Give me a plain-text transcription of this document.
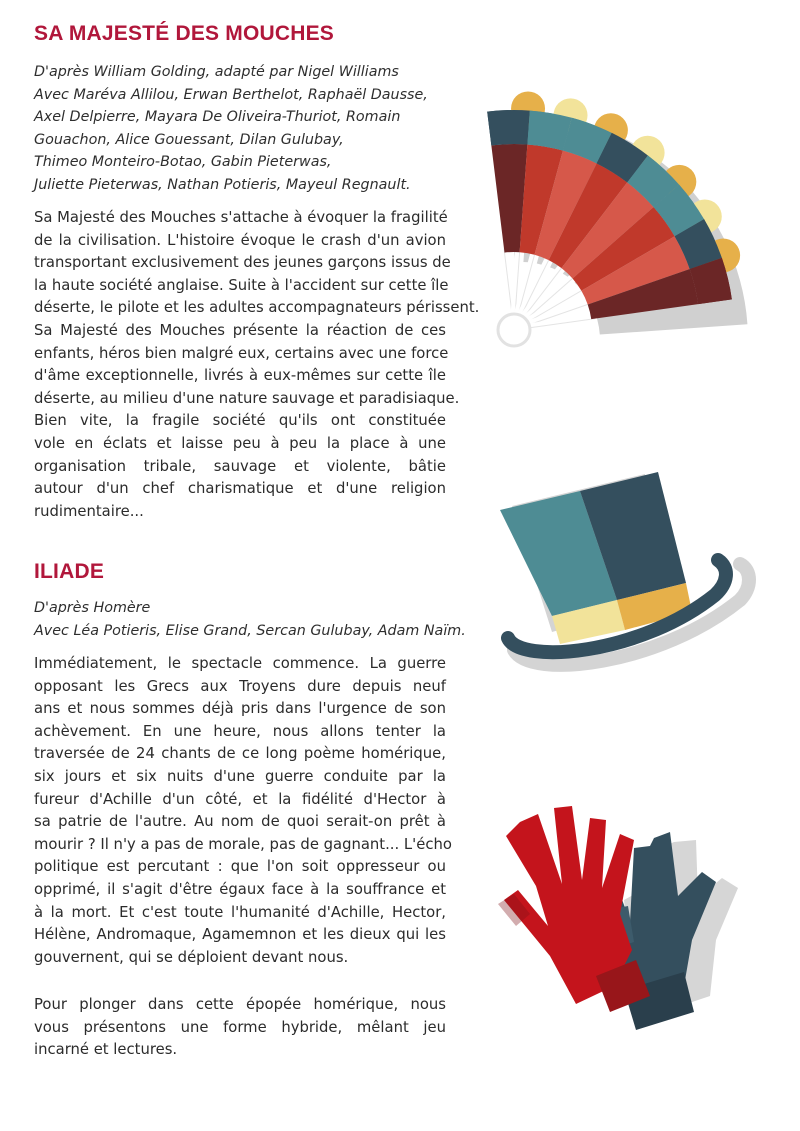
SA MAJESTÉ DES MOUCHES

D'après William Golding, adapté par Nigel Williams
Avec Maréva Allilou, Erwan Berthelot, Raphaël Dausse,
Axel Delpierre, Mayara De Oliveira-Thuriot, Romain
Gouachon, Alice Gouessant, Dilan Gulubay,
Thimeo Monteiro-Botao, Gabin Pieterwas,
Juliette Pieterwas, Nathan Potieris, Mayeul Regnault.

Sa Majesté des Mouches s'attache à évoquer la fragilité
de la civilisation. L'histoire évoque le crash d'un avion
transportant exclusivement des jeunes garçons issus de
la haute société anglaise. Suite à l'accident sur cette île
déserte, le pilote et les adultes accompagnateurs périssent.
Sa Majesté des Mouches présente la réaction de ces
enfants, héros bien malgré eux, certains avec une force
d'âme exceptionnelle, livrés à eux-mêmes sur cette île
déserte, au milieu d'une nature sauvage et paradisiaque.
Bien vite, la fragile société qu'ils ont constituée
vole en éclats et laisse peu à peu la place à une
organisation tribale, sauvage et violente, bâtie
autour d'un chef charismatique et d'une religion
rudimentaire...

ILIADE

D'après Homère
Avec Léa Potieris, Elise Grand, Sercan Gulubay, Adam Naïm.

Immédiatement, le spectacle commence. La guerre
opposant les Grecs aux Troyens dure depuis neuf
ans et nous sommes déjà pris dans l'urgence de son
achèvement. En une heure, nous allons tenter la
traversée de 24 chants de ce long poème homérique,
six jours et six nuits d'une guerre conduite par la
fureur d'Achille d'un côté, et la fidélité d'Hector à
sa patrie de l'autre. Au nom de quoi serait-on prêt à
mourir ? Il n'y a pas de morale, pas de gagnant... L'écho
politique est percutant : que l'on soit oppresseur ou
opprimé, il s'agit d'être égaux face à la souffrance et
à la mort. Et c'est toute l'humanité d'Achille, Hector,
Hélène, Andromaque, Agamemnon et les dieux qui les
gouvernent, qui se déploient devant nous.

Pour plonger dans cette épopée homérique, nous
vous présentons une forme hybride, mêlant jeu
incarné et lectures.
